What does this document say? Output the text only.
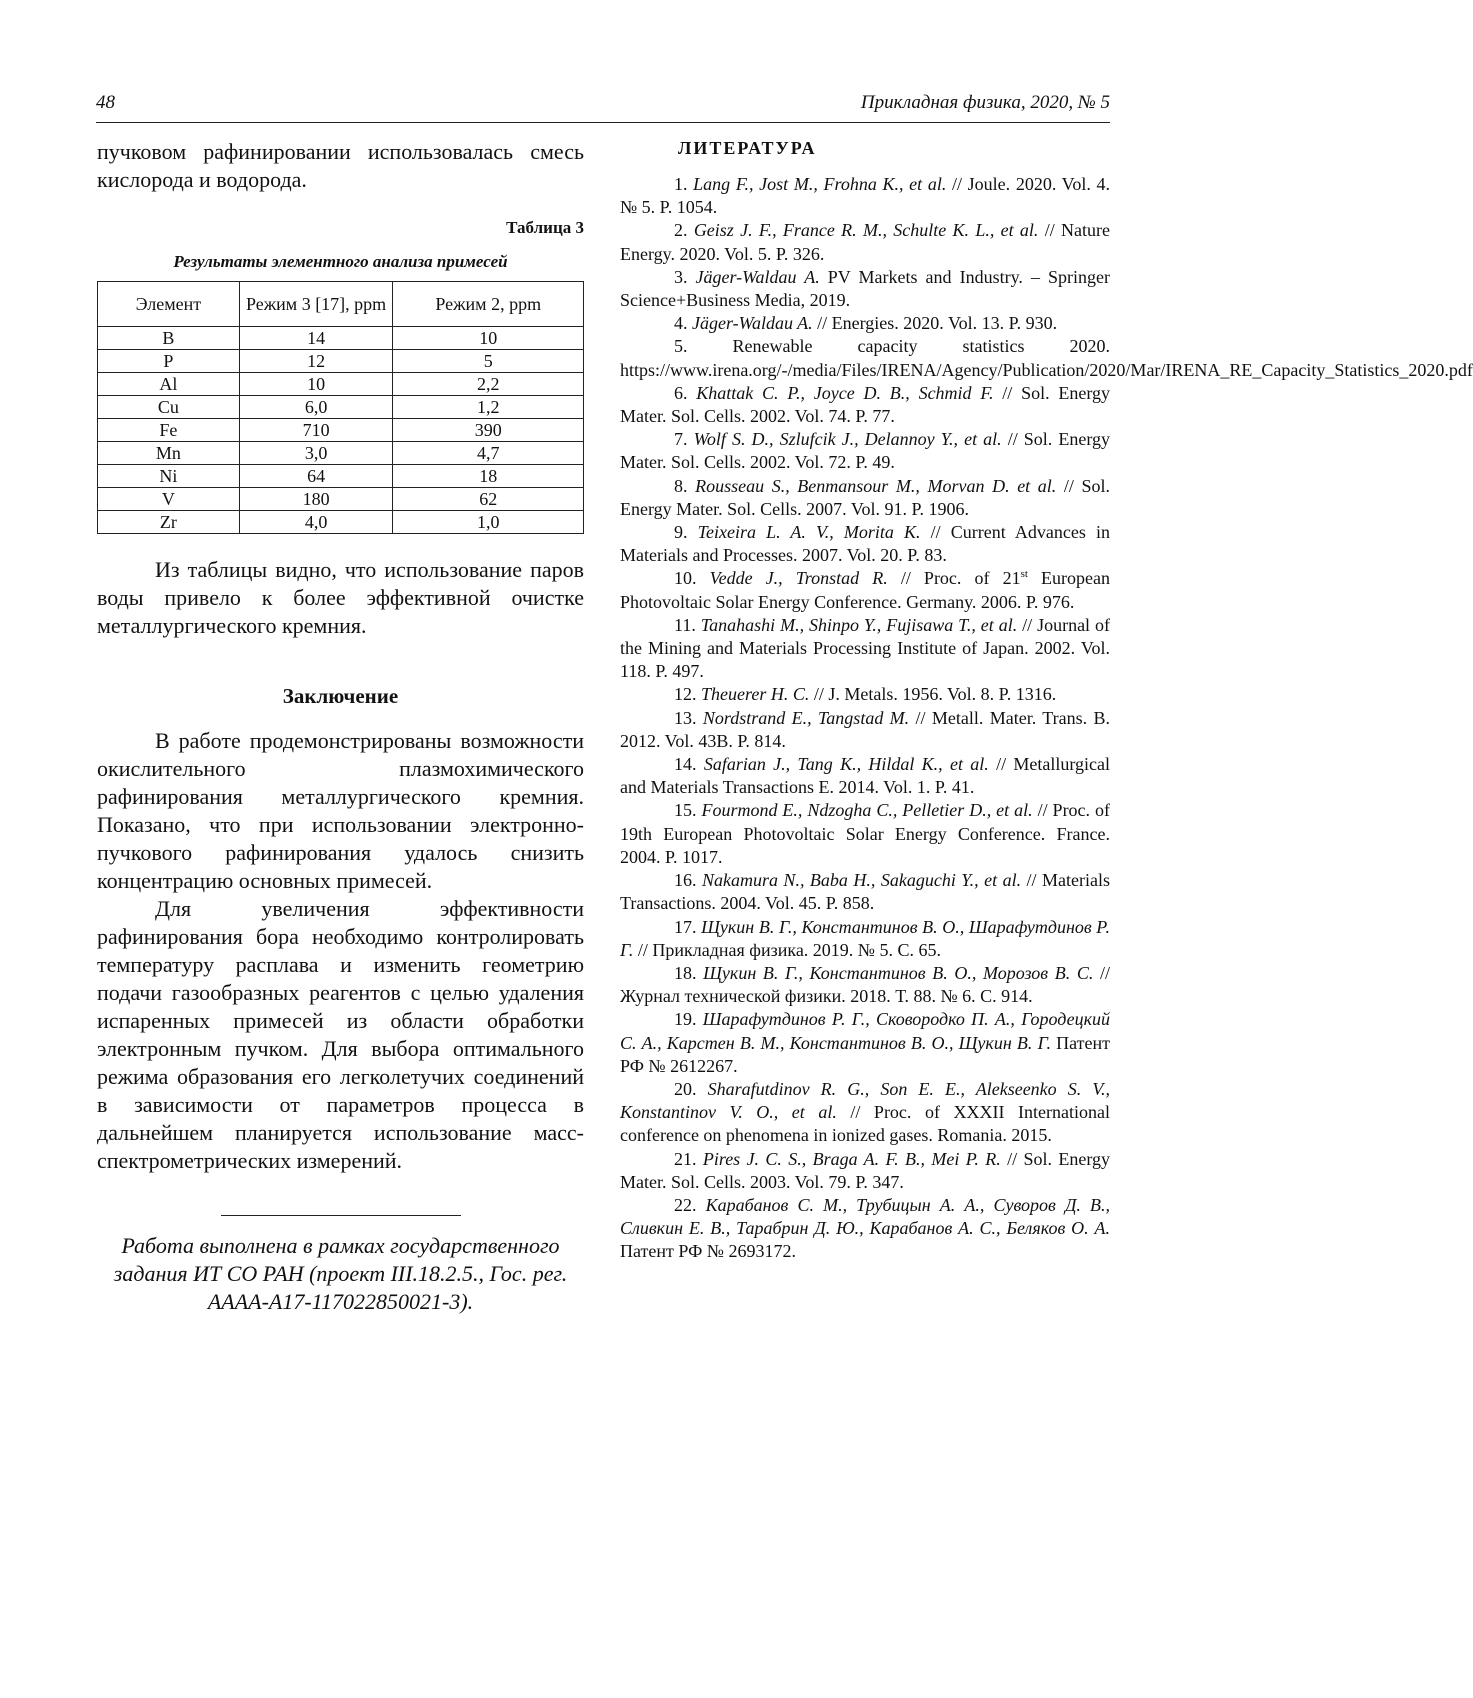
48	Прикладная физика, 2020, № 5

пучковом рафинировании использовалась смесь кислорода и водорода.

Таблица 3
Результаты элементного анализа примесей
Элемент	Режим 3 [17], ppm	Режим 2, ppm
B	14	10
P	12	5
Al	10	2,2
Cu	6,0	1,2
Fe	710	390
Mn	3,0	4,7
Ni	64	18
V	180	62
Zr	4,0	1,0

Из таблицы видно, что использование паров воды привело к более эффективной очистке металлургического кремния.

Заключение

В работе продемонстрированы возможности окислительного плазмохимического рафинирования металлургического кремния. Показано, что при использовании электронно-пучкового рафинирования удалось снизить концентрацию основных примесей.

Для увеличения эффективности рафинирования бора необходимо контролировать температуру расплава и изменить геометрию подачи газообразных реагентов с целью удаления испаренных примесей из области обработки электронным пучком. Для выбора оптимального режима образования его легколетучих соединений в зависимости от параметров процесса в дальнейшем планируется использование масс-спектрометрических измерений.

Работа выполнена в рамках государственного задания ИТ СО РАН (проект III.18.2.5., Гос. рег. АААА-А17-117022850021-3).
ЛИТЕРАТУРА

1. Lang F., Jost M., Frohna K., et al. // Joule. 2020. Vol. 4. № 5. P. 1054.

2. Geisz J. F., France R. M., Schulte K. L., et al. // Nature Energy. 2020. Vol. 5. P. 326.

3. Jäger-Waldau A. PV Markets and Industry. – Springer Science+Business Media, 2019.

4. Jäger-Waldau A. // Energies. 2020. Vol. 13. P. 930.

5.	Renewable capacity statistics 2020. https://www.irena.org/-/media/Files/IRENA/Agency/Publication/2020/Mar/IRENA_RE_Capacity_Statistics_2020.pdf

6. Khattak C. P., Joyce D. B., Schmid F. // Sol. Energy Mater. Sol. Cells. 2002. Vol. 74. P. 77.

7. Wolf S. D., Szlufcik J., Delannoy Y., et al. // Sol. Energy Mater. Sol. Cells. 2002. Vol. 72. P. 49.

8. Rousseau S., Benmansour M., Morvan D. et al. // Sol. Energy Mater. Sol. Cells. 2007. Vol. 91. P. 1906.

9. Teixeira L. A. V., Morita K. // Current Advances in Materials and Processes. 2007. Vol. 20. P. 83.

10. Vedde J., Tronstad R. // Proc. of 21st European Photovoltaic Solar Energy Conference. Germany. 2006. P. 976.

11. Tanahashi M., Shinpo Y., Fujisawa T., et al. // Journal of the Mining and Materials Processing Institute of Japan. 2002. Vol. 118. P. 497.

12. Theuerer H. C. // J. Metals. 1956. Vol. 8. P. 1316.

13. Nordstrand E., Tangstad M. // Metall. Mater. Trans. B. 2012. Vol. 43B. P. 814.

14. Safarian J., Tang K., Hildal K., et al. // Metallurgical and Materials Transactions E. 2014. Vol. 1. P. 41.

15. Fourmond E., Ndzogha C., Pelletier D., et al. // Proc. of 19th European Photovoltaic Solar Energy Conference. France. 2004. P. 1017.

16. Nakamura N., Baba H., Sakaguchi Y., et al. // Materials Transactions. 2004. Vol. 45. P. 858.

17. Щукин В. Г., Константинов В. О., Шарафутдинов Р. Г. // Прикладная физика. 2019. № 5. С. 65.

18. Щукин В. Г., Константинов В. О., Морозов В. С. // Журнал технической физики. 2018. Т. 88. № 6. С. 914.

19. Шарафутдинов Р. Г., Сковородко П. А., Городецкий С. А., Карстен В. М., Константинов В. О., Щукин В. Г. Патент РФ № 2612267.

20. Sharafutdinov R. G., Son E. E., Alekseenko S. V., Konstantinov V. O., et al. // Proc. of XXXII International conference on phenomena in ionized gases. Romania. 2015.

21. Pires J. C. S., Braga A. F. B., Mei P. R. // Sol. Energy Mater. Sol. Cells. 2003. Vol. 79. P. 347.

22. Карабанов С. М., Трубицын А. А., Суворов Д. В., Сливкин Е. В., Тарабрин Д. Ю., Карабанов А. С., Беляков О. А. Патент РФ № 2693172.
